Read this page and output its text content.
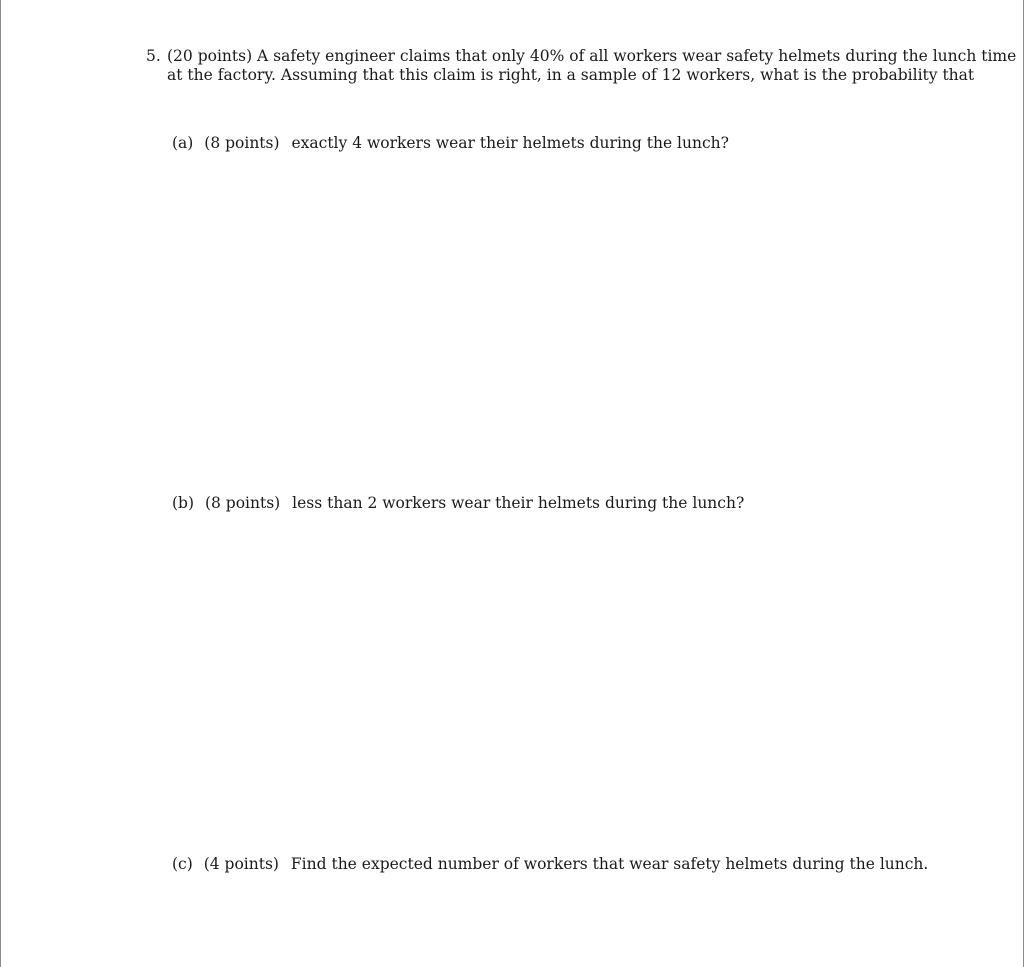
5. (20 points) A safety engineer claims that only 40% of all workers wear safety helmets during the lunch time
at the factory. Assuming that this claim is right, in a sample of 12 workers, what is the probability that
(a) (8 points) exactly 4 workers wear their helmets during the lunch?
(b) (8 points) less than 2 workers wear their helmets during the lunch?
(c) (4 points) Find the expected number of workers that wear safety helmets during the lunch.
